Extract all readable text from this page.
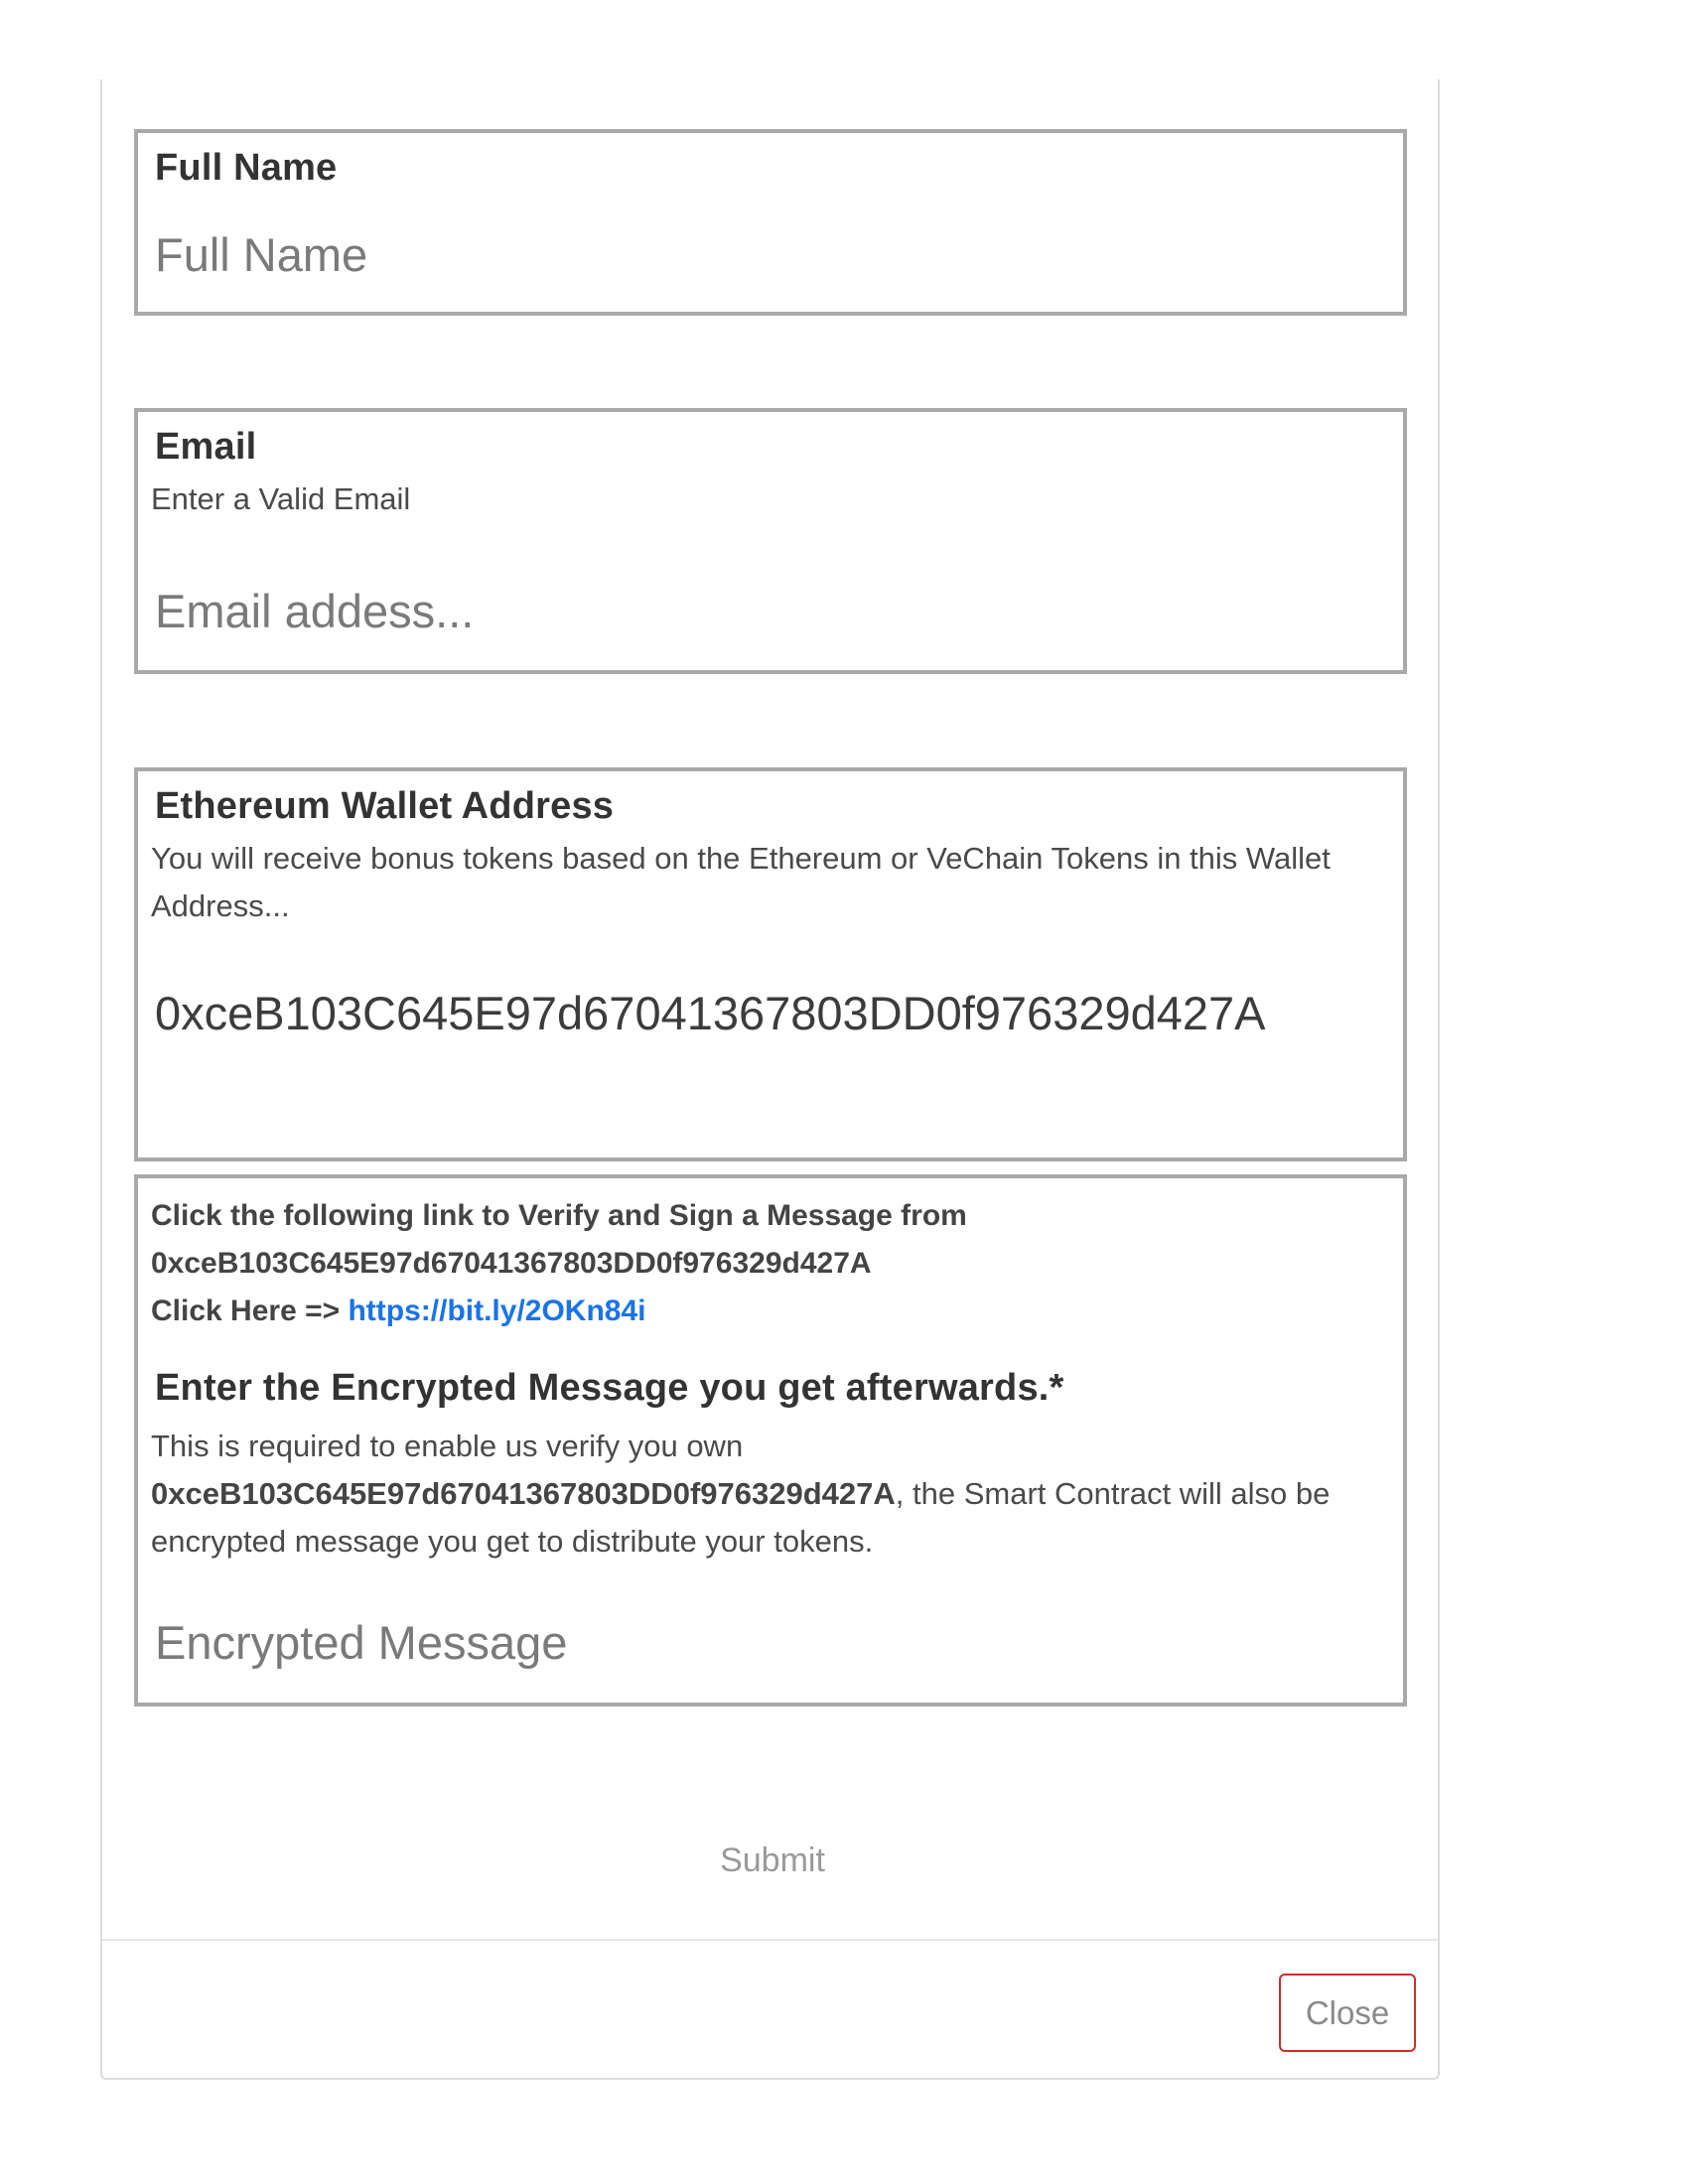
Full Name
Full Name
Email
Enter a Valid Email
Email addess...
Ethereum Wallet Address
You will receive bonus tokens based on the Ethereum or VeChain Tokens in this Wallet Address...
0xceB103C645E97d67041367803DD0f976329d427A
Click the following link to Verify and Sign a Message from
0xceB103C645E97d67041367803DD0f976329d427A
Click Here => https://bit.ly/2OKn84i
Enter the Encrypted Message you get afterwards.*
This is required to enable us verify you own
0xceB103C645E97d67041367803DD0f976329d427A, the Smart Contract will also be encrypted message you get to distribute your tokens.
Encrypted Message
Submit
Close
